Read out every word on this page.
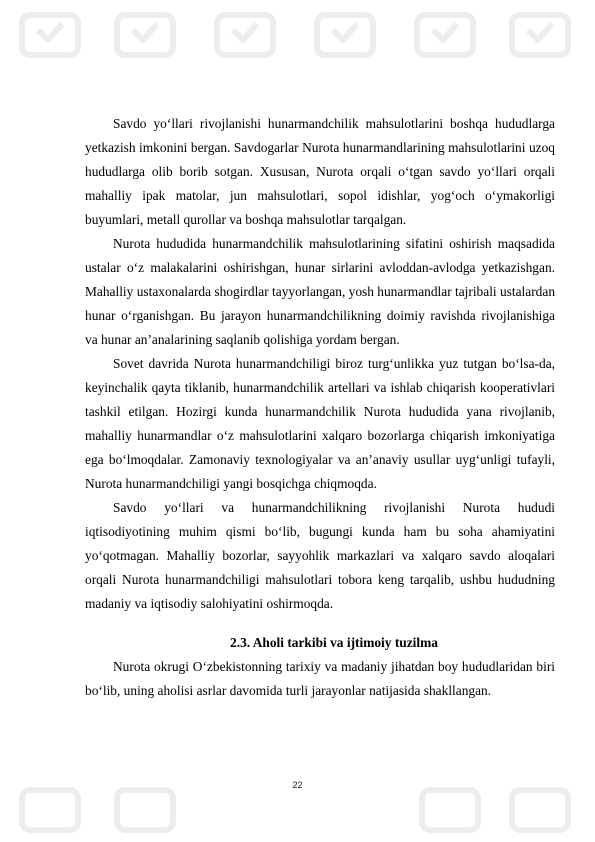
Savdo yo‘llari rivojlanishi hunarmandchilik mahsulotlarini boshqa hududlarga yetkazish imkonini bergan. Savdogarlar Nurota hunarmandlarining mahsulotlarini uzoq hududlarga olib borib sotgan. Xususan, Nurota orqali o‘tgan savdo yo‘llari orqali mahalliy ipak matolar, jun mahsulotlari, sopol idishlar, yog‘och o‘ymakorligi buyumlari, metall qurollar va boshqa mahsulotlar tarqalgan.

Nurota hududida hunarmandchilik mahsulotlarining sifatini oshirish maqsadida ustalar o‘z malakalarini oshirishgan, hunar sirlarini avloddan-avlodga yetkazishgan. Mahalliy ustaxonalarda shogirdlar tayyorlangan, yosh hunarmandlar tajribali ustalardan hunar o‘rganishgan. Bu jarayon hunarmandchilikning doimiy ravishda rivojlanishiga va hunar an’analarining saqlanib qolishiga yordam bergan.

Sovet davrida Nurota hunarmandchiligi biroz turg‘unlikka yuz tutgan bo‘lsa-da, keyinchalik qayta tiklanib, hunarmandchilik artellari va ishlab chiqarish kooperativlari tashkil etilgan. Hozirgi kunda hunarmandchilik Nurota hududida yana rivojlanib, mahalliy hunarmandlar o‘z mahsulotlarini xalqaro bozorlarga chiqarish imkoniyatiga ega bo‘lmoqdalar. Zamonaviy texnologiyalar va an’anaviy usullar uyg‘unligi tufayli, Nurota hunarmandchiligi yangi bosqichga chiqmoqda.

Savdo yo‘llari va hunarmandchilikning rivojlanishi Nurota hududi iqtisodiyotining muhim qismi bo‘lib, bugungi kunda ham bu soha ahamiyatini yo‘qotmagan. Mahalliy bozorlar, sayyohlik markazlari va xalqaro savdo aloqalari orqali Nurota hunarmandchiligi mahsulotlari tobora keng tarqalib, ushbu hududning madaniy va iqtisodiy salohiyatini oshirmoqda.

2.3. Aholi tarkibi va ijtimoiy tuzilma

Nurota okrugi O‘zbekistonning tarixiy va madaniy jihatdan boy hududlaridan biri bo‘lib, uning aholisi asrlar davomida turli jarayonlar natijasida shakllangan.

22
